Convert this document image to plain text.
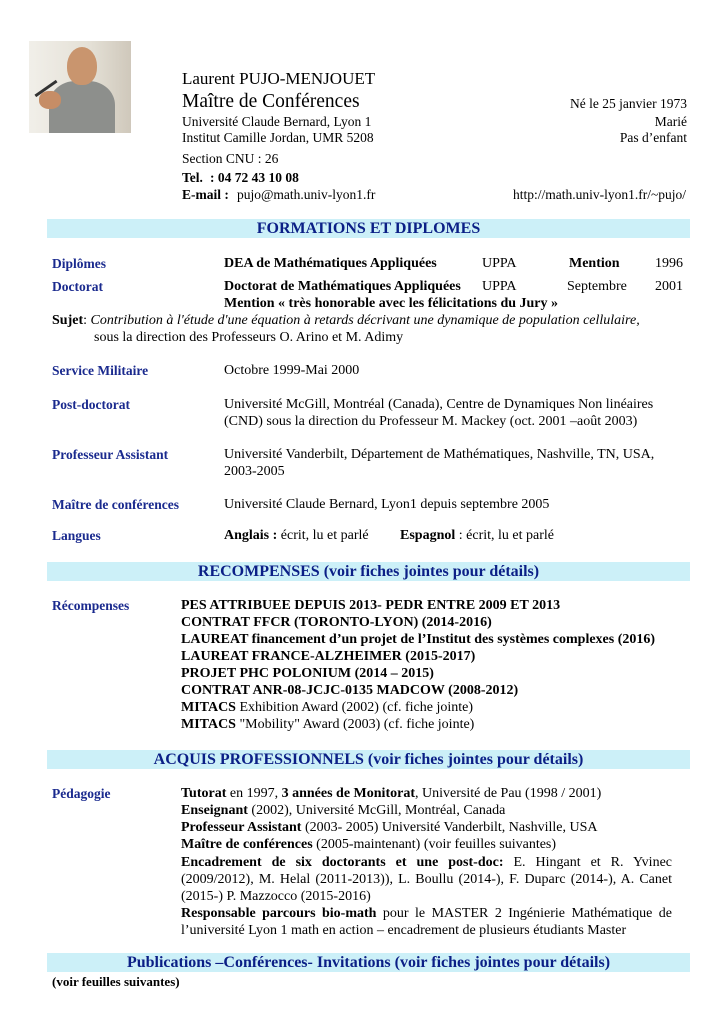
Laurent PUJO-MENJOUET
Maître de Conférences
Université Claude Bernard, Lyon 1
Institut Camille Jordan, UMR 5208
Section CNU : 26
Tel. : 04 72 43 10 08
E-mail : pujo@math.univ-lyon1.fr
Né le 25 janvier 1973
Marié
Pas d’enfant
http://math.univ-lyon1.fr/~pujo/
FORMATIONS ET DIPLOMES
Diplômes	DEA de Mathématiques Appliquées	UPPA	Mention	1996
Doctorat	Doctorat de Mathématiques Appliquées UPPA	Septembre 2001
Mention « très honorable avec les félicitations du Jury »
Sujet: Contribution à l'étude d'une équation à retards décrivant une dynamique de population cellulaire,
sous la direction des Professeurs O. Arino et M. Adimy
Service Militaire	Octobre 1999-Mai 2000
Post-doctorat	Université McGill, Montréal (Canada), Centre de Dynamiques Non linéaires
(CND) sous la direction du Professeur M. Mackey (oct. 2001 –août 2003)
Professeur Assistant	Université Vanderbilt, Département de Mathématiques, Nashville, TN, USA,
2003-2005
Maître de conférences	Université Claude Bernard, Lyon1 depuis septembre 2005
Langues	Anglais : écrit, lu et parlé Espagnol : écrit, lu et parlé
RECOMPENSES (voir fiches jointes pour détails)
Récompenses	PES ATTRIBUEE DEPUIS 2013- PEDR ENTRE 2009 ET 2013
CONTRAT FFCR (TORONTO-LYON) (2014-2016)
LAUREAT financement d’un projet de l’Institut des systèmes complexes (2016)
LAUREAT FRANCE-ALZHEIMER (2015-2017)
PROJET PHC POLONIUM (2014 – 2015)
CONTRAT ANR-08-JCJC-0135 MADCOW (2008-2012)
MITACS Exhibition Award (2002) (cf. fiche jointe)
MITACS "Mobility" Award (2003) (cf. fiche jointe)
ACQUIS PROFESSIONNELS (voir fiches jointes pour détails)
Pédagogie	Tutorat en 1997, 3 années de Monitorat, Université de Pau (1998 / 2001)
Enseignant (2002), Université McGill, Montréal, Canada
Professeur Assistant (2003- 2005) Université Vanderbilt, Nashville, USA
Maître de conférences (2005-maintenant) (voir feuilles suivantes)
Encadrement de six doctorants et une post-doc: E. Hingant et R. Yvinec (2009/2012), M. Helal (2011-2013)), L. Boullu (2014-), F. Duparc (2014-), A. Canet (2015-) P. Mazzocco (2015-2016)
Responsable parcours bio-math pour le MASTER 2 Ingénierie Mathématique de l’université Lyon 1 math en action – encadrement de plusieurs étudiants Master
Publications –Conférences- Invitations (voir fiches jointes pour détails)
(voir feuilles suivantes)
